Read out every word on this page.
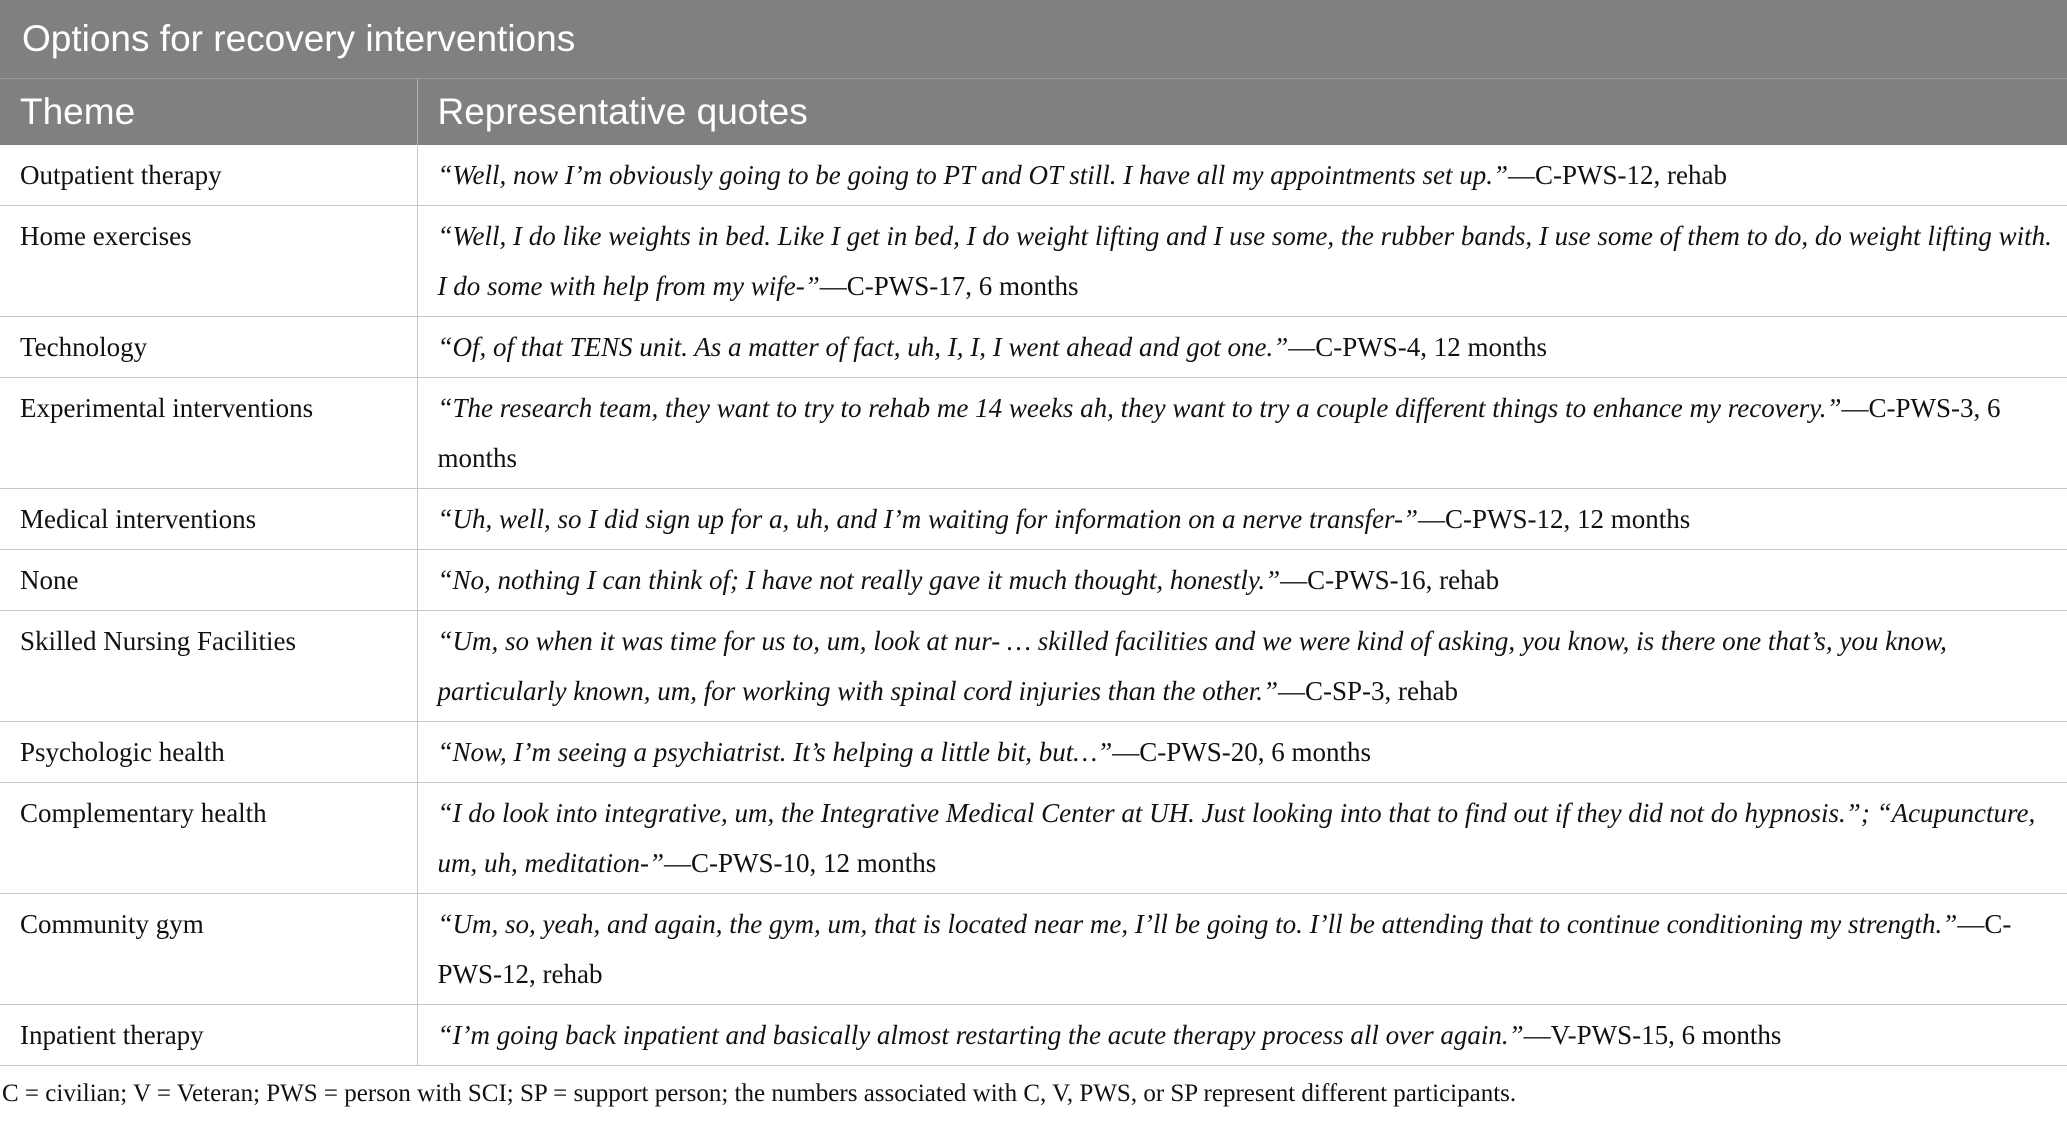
Options for recovery interventions	
Theme	Representative quotes
Outpatient therapy	“Well, now I’m obviously going to be going to PT and OT still. I have all my appointments set up.”—C-PWS-12, rehab
Home exercises	“Well, I do like weights in bed. Like I get in bed, I do weight lifting and I use some, the rubber bands, I use some of them to do, do weight lifting with. I do some with help from my wife-”—C-PWS-17, 6 months
Technology	“Of, of that TENS unit. As a matter of fact, uh, I, I, I went ahead and got one.”—C-PWS-4, 12 months
Experimental interventions	“The research team, they want to try to rehab me 14 weeks ah, they want to try a couple different things to enhance my recovery.”—C-PWS-3, 6 months
Medical interventions	“Uh, well, so I did sign up for a, uh, and I’m waiting for information on a nerve transfer-”—C-PWS-12, 12 months
None	“No, nothing I can think of; I have not really gave it much thought, honestly.”—C-PWS-16, rehab
Skilled Nursing Facilities	“Um, so when it was time for us to, um, look at nur- … skilled facilities and we were kind of asking, you know, is there one that’s, you know, particularly known, um, for working with spinal cord injuries than the other.”—C-SP-3, rehab
Psychologic health	“Now, I’m seeing a psychiatrist. It’s helping a little bit, but…”—C-PWS-20, 6 months
Complementary health	“I do look into integrative, um, the Integrative Medical Center at UH. Just looking into that to find out if they did not do hypnosis.”; “Acupuncture, um, uh, meditation-”—C-PWS-10, 12 months
Community gym	“Um, so, yeah, and again, the gym, um, that is located near me, I’ll be going to. I’ll be attending that to continue conditioning my strength.”—C-PWS-12, rehab
Inpatient therapy	“I’m going back inpatient and basically almost restarting the acute therapy process all over again.”—V-PWS-15, 6 months
C = civilian; V = Veteran; PWS = person with SCI; SP = support person; the numbers associated with C, V, PWS, or SP represent different participants.
